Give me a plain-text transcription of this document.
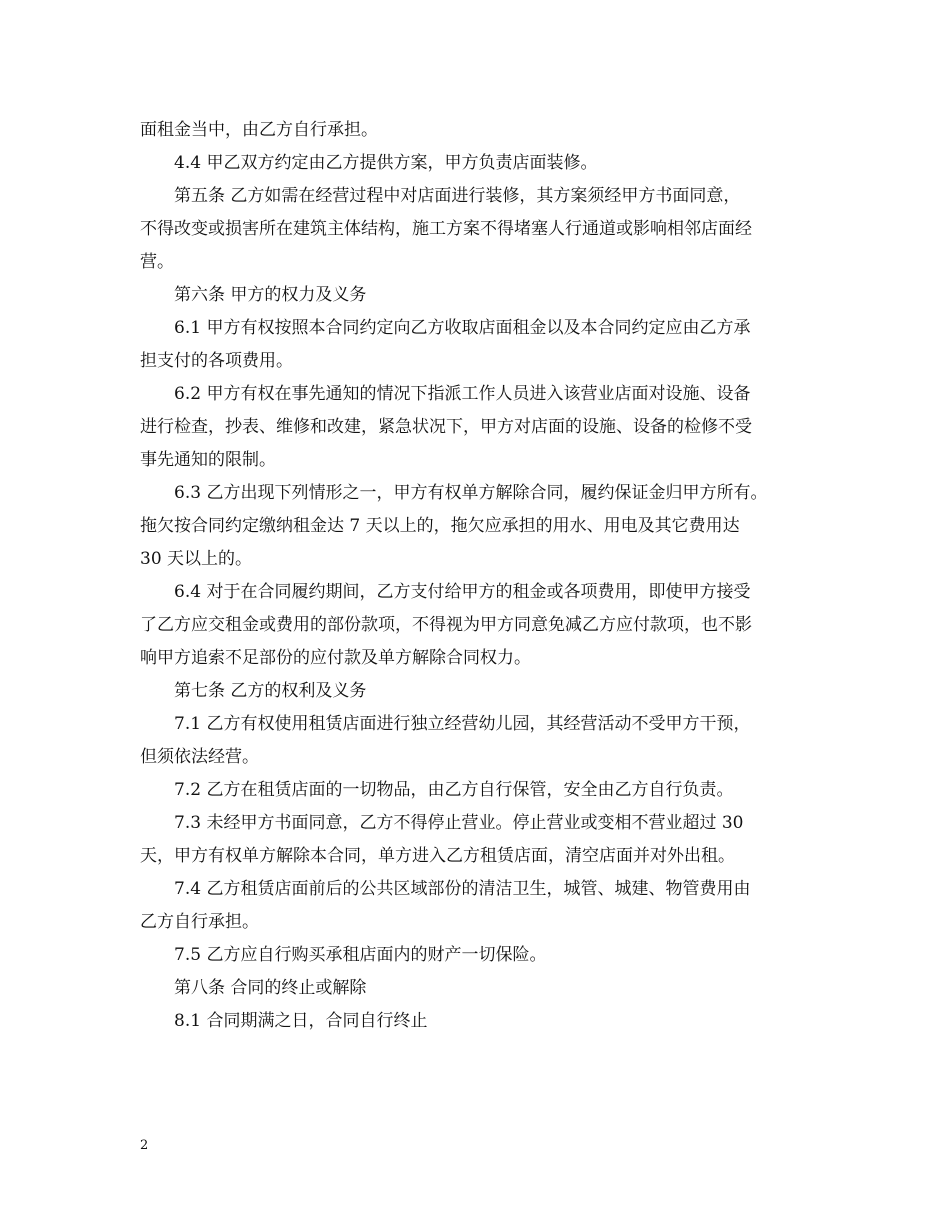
面租金当中，由乙方自行承担。
4.4 甲乙双方约定由乙方提供方案，甲方负责店面装修。
第五条 乙方如需在经营过程中对店面进行装修，其方案须经甲方书面同意，
不得改变或损害所在建筑主体结构，施工方案不得堵塞人行通道或影响相邻店面经
营。
第六条 甲方的权力及义务
6.1 甲方有权按照本合同约定向乙方收取店面租金以及本合同约定应由乙方承
担支付的各项费用。
6.2 甲方有权在事先通知的情况下指派工作人员进入该营业店面对设施、设备
进行检查，抄表、维修和改建，紧急状况下，甲方对店面的设施、设备的检修不受
事先通知的限制。
6.3 乙方出现下列情形之一，甲方有权单方解除合同，履约保证金归甲方所有。
拖欠按合同约定缴纳租金达 7 天以上的，拖欠应承担的用水、用电及其它费用达
30 天以上的。
6.4 对于在合同履约期间，乙方支付给甲方的租金或各项费用，即使甲方接受
了乙方应交租金或费用的部份款项，不得视为甲方同意免减乙方应付款项，也不影
响甲方追索不足部份的应付款及单方解除合同权力。
第七条 乙方的权利及义务
7.1 乙方有权使用租赁店面进行独立经营幼儿园，其经营活动不受甲方干预，
但须依法经营。
7.2 乙方在租赁店面的一切物品，由乙方自行保管，安全由乙方自行负责。
7.3 未经甲方书面同意，乙方不得停止营业。停止营业或变相不营业超过 30
天，甲方有权单方解除本合同，单方进入乙方租赁店面，清空店面并对外出租。
7.4 乙方租赁店面前后的公共区域部份的清洁卫生，城管、城建、物管费用由
乙方自行承担。
7.5 乙方应自行购买承租店面内的财产一切保险。
第八条 合同的终止或解除
8.1 合同期满之日，合同自行终止
2
